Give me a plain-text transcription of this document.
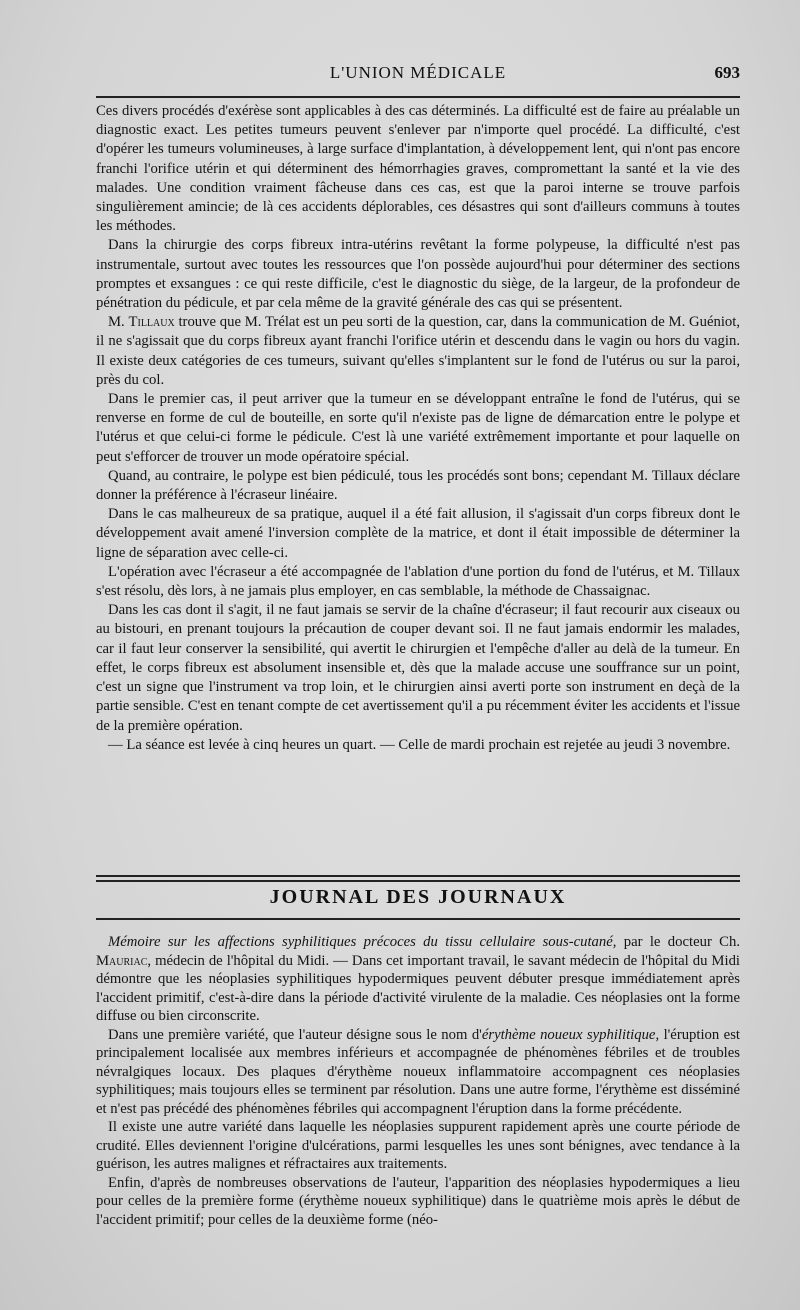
L'UNION MÉDICALE	693

Ces divers procédés d'exérèse sont applicables à des cas déterminés. La difficulté est de faire au préalable un diagnostic exact. Les petites tumeurs peuvent s'enlever par n'importe quel procédé. La difficulté, c'est d'opérer les tumeurs volumineuses, à large surface d'implantation, à développement lent, qui n'ont pas encore franchi l'orifice utérin et qui déterminent des hémorrhagies graves, compromettant la santé et la vie des malades. Une condition vraiment fâcheuse dans ces cas, est que la paroi interne se trouve parfois singulièrement amincie; de là ces accidents déplorables, ces désastres qui sont d'ailleurs communs à toutes les méthodes.

Dans la chirurgie des corps fibreux intra-utérins revêtant la forme polypeuse, la difficulté n'est pas instrumentale, surtout avec toutes les ressources que l'on possède aujourd'hui pour déterminer des sections promptes et exsangues : ce qui reste difficile, c'est le diagnostic du siège, de la largeur, de la profondeur de pénétration du pédicule, et par cela même de la gravité générale des cas qui se présentent.

M. Tillaux trouve que M. Trélat est un peu sorti de la question, car, dans la communication de M. Guéniot, il ne s'agissait que du corps fibreux ayant franchi l'orifice utérin et descendu dans le vagin ou hors du vagin. Il existe deux catégories de ces tumeurs, suivant qu'elles s'implantent sur le fond de l'utérus ou sur la paroi, près du col.

Dans le premier cas, il peut arriver que la tumeur en se développant entraîne le fond de l'utérus, qui se renverse en forme de cul de bouteille, en sorte qu'il n'existe pas de ligne de démarcation entre le polype et l'utérus et que celui-ci forme le pédicule. C'est là une variété extrêmement importante et pour laquelle on peut s'efforcer de trouver un mode opératoire spécial.

Quand, au contraire, le polype est bien pédiculé, tous les procédés sont bons; cependant M. Tillaux déclare donner la préférence à l'écraseur linéaire.

Dans le cas malheureux de sa pratique, auquel il a été fait allusion, il s'agissait d'un corps fibreux dont le développement avait amené l'inversion complète de la matrice, et dont il était impossible de déterminer la ligne de séparation avec celle-ci.

L'opération avec l'écraseur a été accompagnée de l'ablation d'une portion du fond de l'utérus, et M. Tillaux s'est résolu, dès lors, à ne jamais plus employer, en cas semblable, la méthode de Chassaignac.

Dans les cas dont il s'agit, il ne faut jamais se servir de la chaîne d'écraseur; il faut recourir aux ciseaux ou au bistouri, en prenant toujours la précaution de couper devant soi. Il ne faut jamais endormir les malades, car il faut leur conserver la sensibilité, qui avertit le chirurgien et l'empêche d'aller au delà de la tumeur. En effet, le corps fibreux est absolument insensible et, dès que la malade accuse une souffrance sur un point, c'est un signe que l'instrument va trop loin, et le chirurgien ainsi averti porte son instrument en deçà de la partie sensible. C'est en tenant compte de cet avertissement qu'il a pu récemment éviter les accidents et l'issue de la première opération.

— La séance est levée à cinq heures un quart. — Celle de mardi prochain est rejetée au jeudi 3 novembre.

JOURNAL DES JOURNAUX

Mémoire sur les affections syphilitiques précoces du tissu cellulaire sous-cutané, par le docteur Ch. Mauriac, médecin de l'hôpital du Midi. — Dans cet important travail, le savant médecin de l'hôpital du Midi démontre que les néoplasies syphilitiques hypodermiques peuvent débuter presque immédiatement après l'accident primitif, c'est-à-dire dans la période d'activité virulente de la maladie. Ces néoplasies ont la forme diffuse ou bien circonscrite.

Dans une première variété, que l'auteur désigne sous le nom d'érythème noueux syphilitique, l'éruption est principalement localisée aux membres inférieurs et accompagnée de phénomènes fébriles et de troubles névralgiques locaux. Des plaques d'érythème noueux inflammatoire accompagnent ces néoplasies syphilitiques; mais toujours elles se terminent par résolution. Dans une autre forme, l'érythème est disséminé et n'est pas précédé des phénomènes fébriles qui accompagnent l'éruption dans la forme précédente.

Il existe une autre variété dans laquelle les néoplasies suppurent rapidement après une courte période de crudité. Elles deviennent l'origine d'ulcérations, parmi lesquelles les unes sont bénignes, avec tendance à la guérison, les autres malignes et réfractaires aux traitements.

Enfin, d'après de nombreuses observations de l'auteur, l'apparition des néoplasies hypodermiques a lieu pour celles de la première forme (érythème noueux syphilitique) dans le quatrième mois après le début de l'accident primitif; pour celles de la deuxième forme (néo-
